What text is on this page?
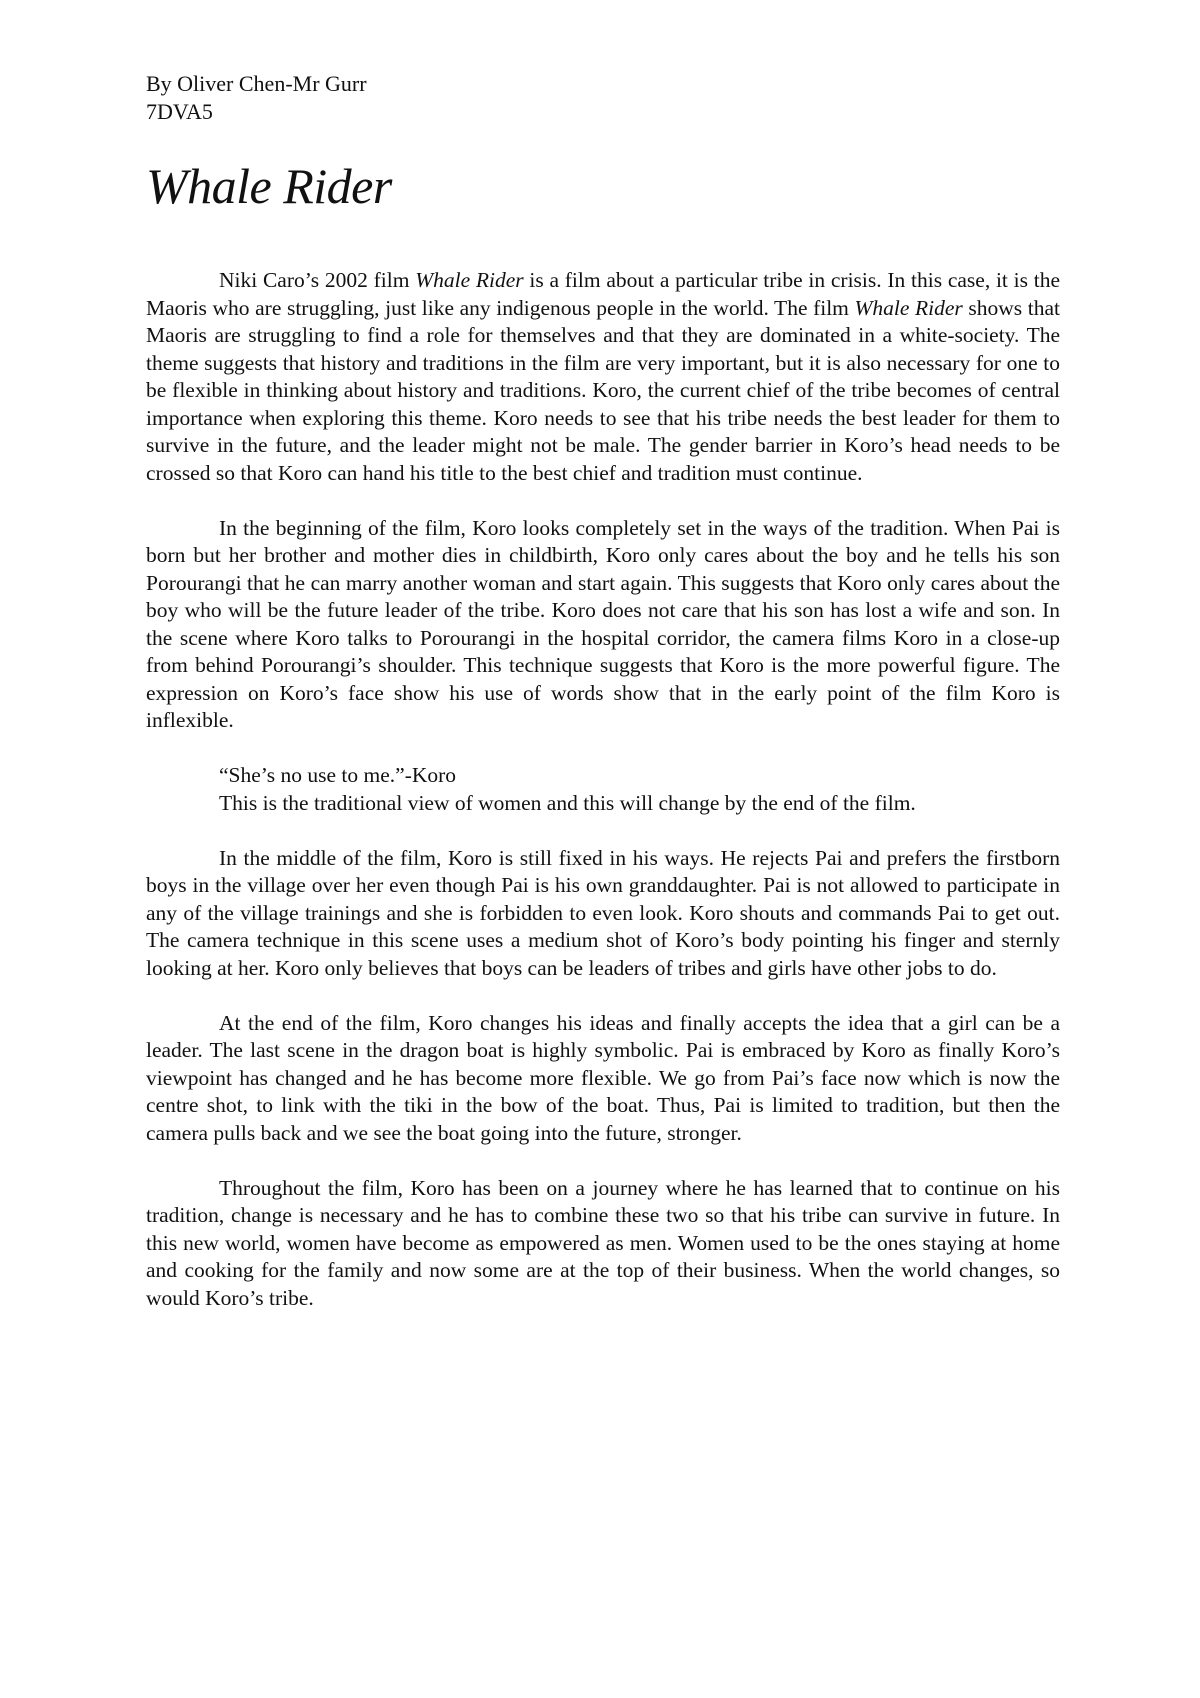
By Oliver Chen-Mr Gurr

7DVA5

Whale Rider

Niki Caro’s 2002 film Whale Rider is a film about a particular tribe in crisis. In this case, it is the Maoris who are struggling, just like any indigenous people in the world. The film Whale Rider shows that Maoris are struggling to find a role for themselves and that they are dominated in a white-society. The theme suggests that history and traditions in the film are very important, but it is also necessary for one to be flexible in thinking about history and traditions. Koro, the current chief of the tribe becomes of central importance when exploring this theme. Koro needs to see that his tribe needs the best leader for them to survive in the future, and the leader might not be male. The gender barrier in Koro’s head needs to be crossed so that Koro can hand his title to the best chief and tradition must continue.

In the beginning of the film, Koro looks completely set in the ways of the tradition. When Pai is born but her brother and mother dies in childbirth, Koro only cares about the boy and he tells his son Porourangi that he can marry another woman and start again. This suggests that Koro only cares about the boy who will be the future leader of the tribe. Koro does not care that his son has lost a wife and son. In the scene where Koro talks to Porourangi in the hospital corridor, the camera films Koro in a close-up from behind Porourangi’s shoulder. This technique suggests that Koro is the more powerful figure. The expression on Koro’s face show his use of words show that in the early point of the film Koro is inflexible.

“She’s no use to me.”-Koro
This is the traditional view of women and this will change by the end of the film.

In the middle of the film, Koro is still fixed in his ways. He rejects Pai and prefers the firstborn boys in the village over her even though Pai is his own granddaughter. Pai is not allowed to participate in any of the village trainings and she is forbidden to even look. Koro shouts and commands Pai to get out. The camera technique in this scene uses a medium shot of Koro’s body pointing his finger and sternly looking at her. Koro only believes that boys can be leaders of tribes and girls have other jobs to do.

At the end of the film, Koro changes his ideas and finally accepts the idea that a girl can be a leader. The last scene in the dragon boat is highly symbolic. Pai is embraced by Koro as finally Koro’s viewpoint has changed and he has become more flexible. We go from Pai’s face now which is now the centre shot, to link with the tiki in the bow of the boat. Thus, Pai is limited to tradition, but then the camera pulls back and we see the boat going into the future, stronger.

Throughout the film, Koro has been on a journey where he has learned that to continue on his tradition, change is necessary and he has to combine these two so that his tribe can survive in future. In this new world, women have become as empowered as men. Women used to be the ones staying at home and cooking for the family and now some are at the top of their business. When the world changes, so would Koro’s tribe.
